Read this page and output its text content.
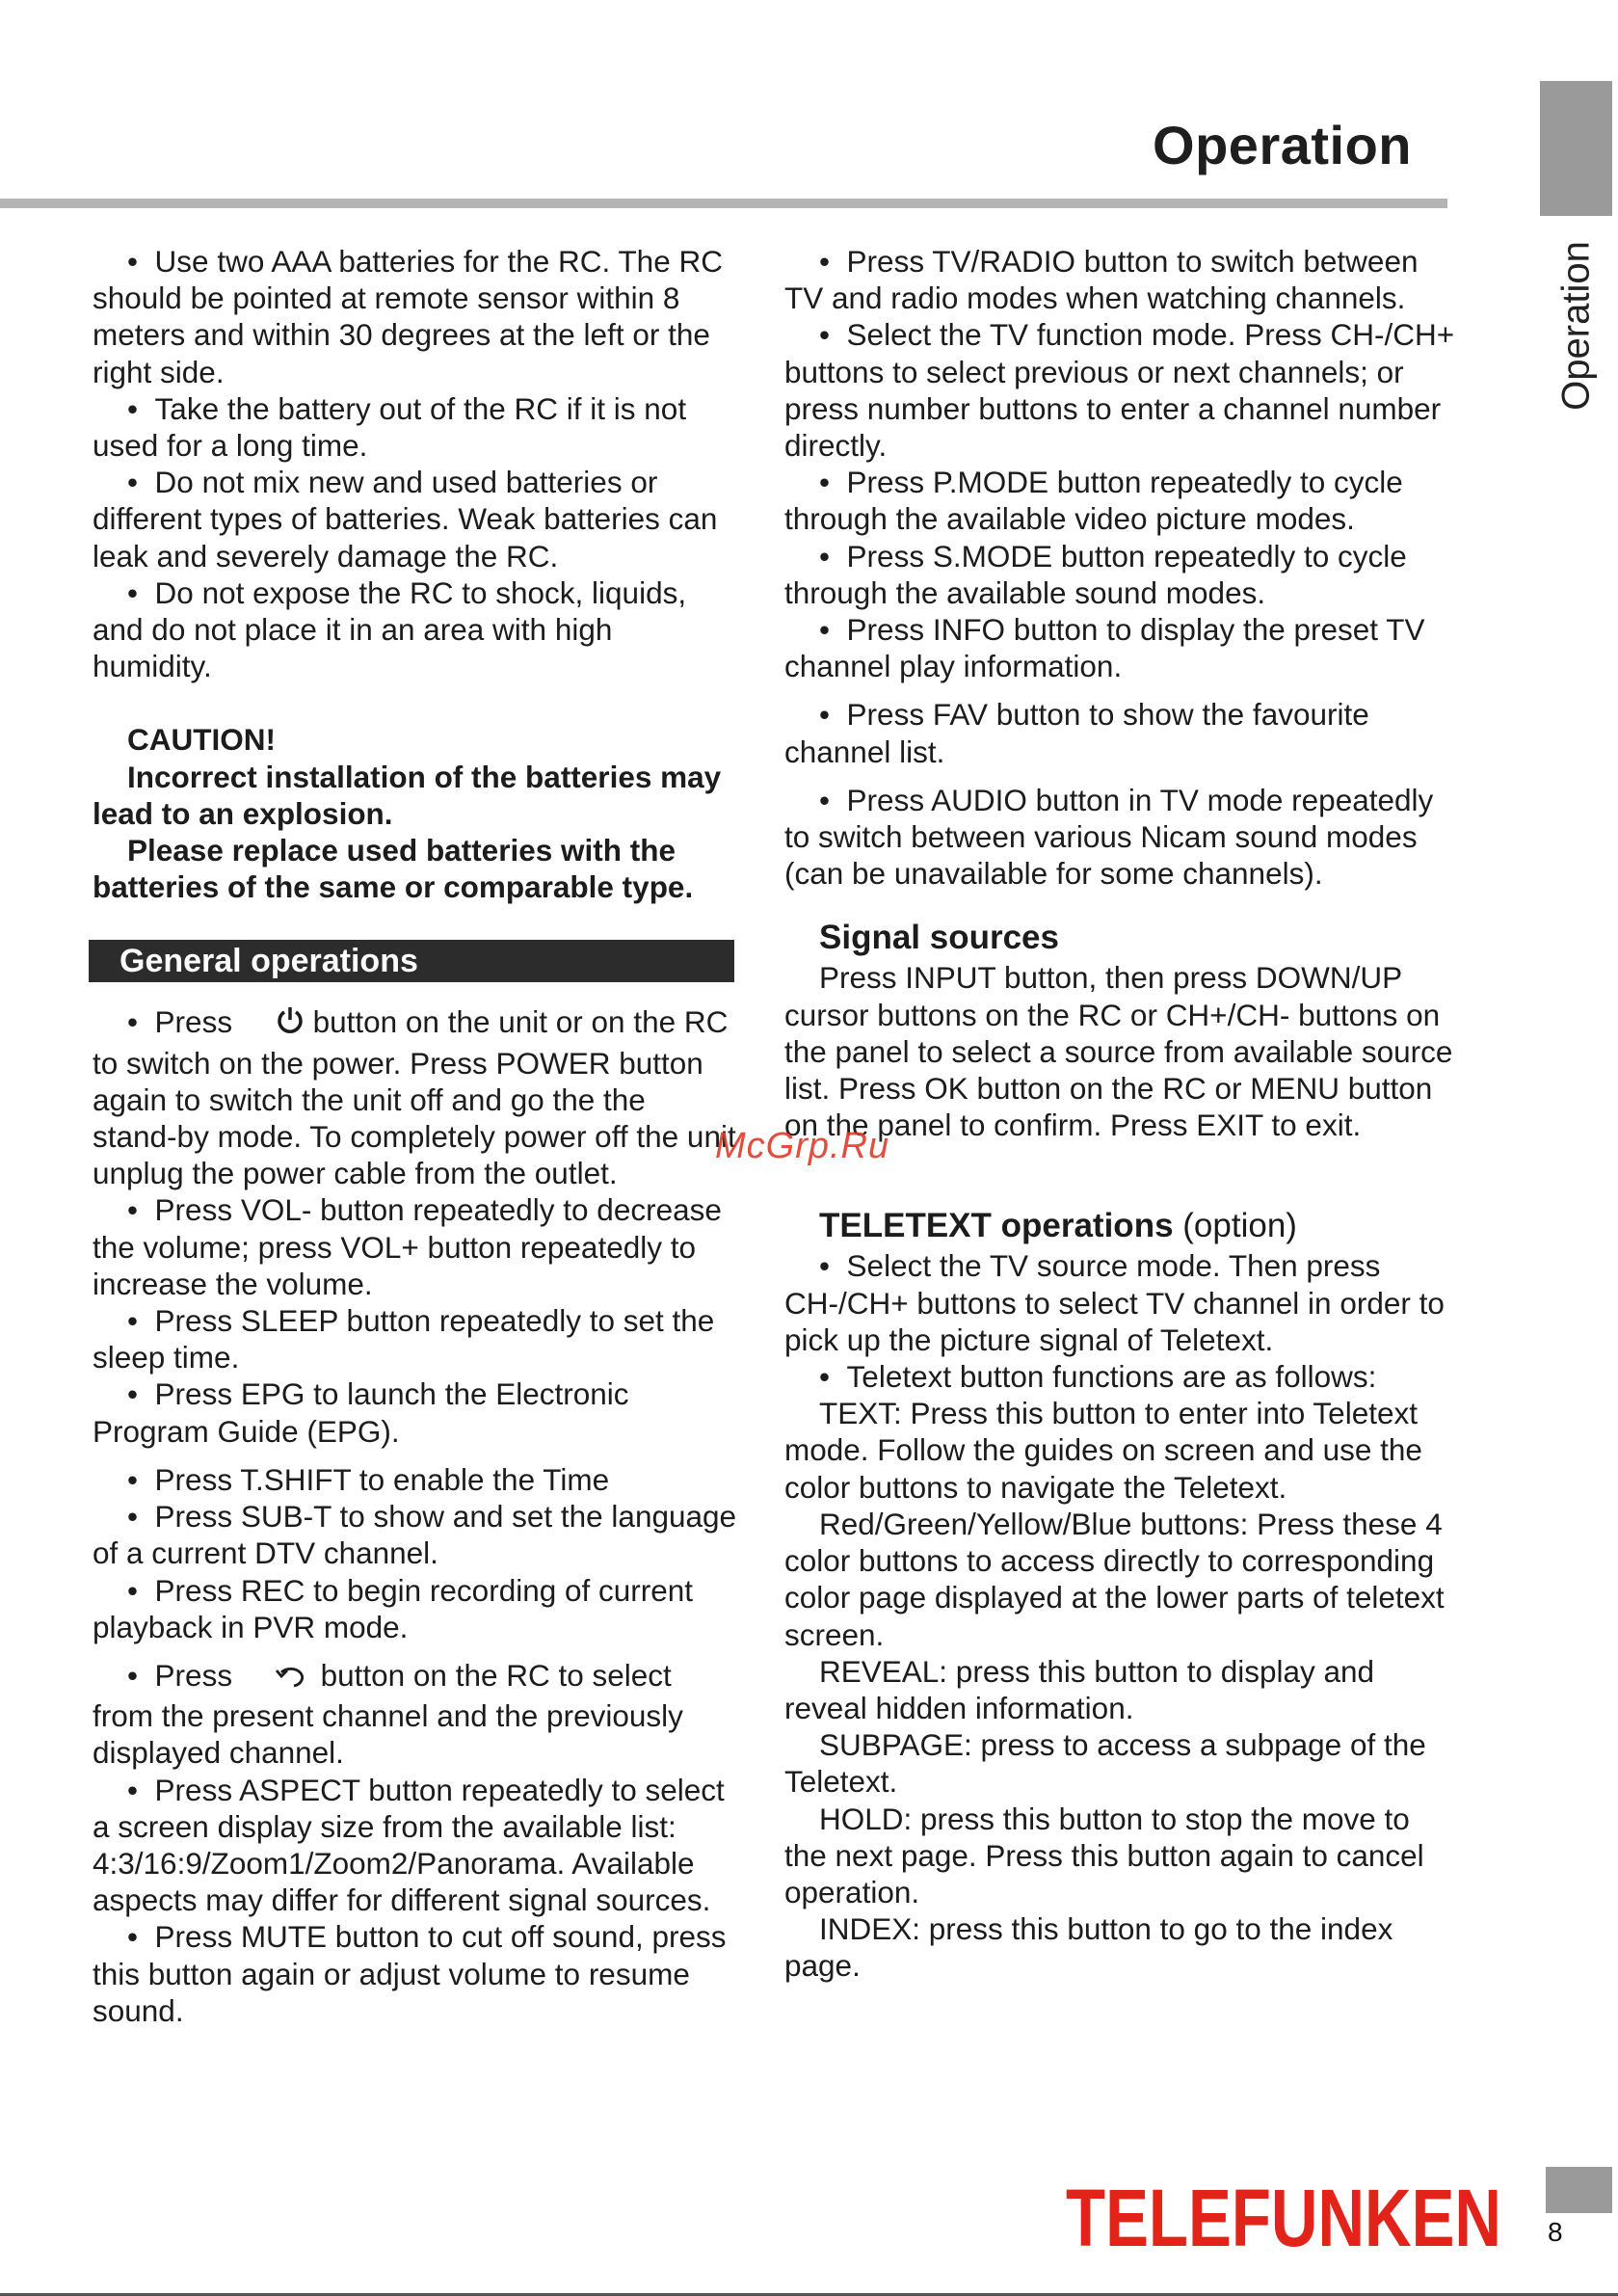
Operation
Operation

•  Use two AAA batteries for the RC. The RC should be pointed at remote sensor within 8 meters and within 30 degrees at the left or the right side.

•  Take the battery out of the RC if it is not used for a long time.

•  Do not mix new and used batteries or different types of batteries. Weak batteries can leak and severely damage the RC.

•  Do not expose the RC to shock, liquids, and do not place it in an area with high humidity.

CAUTION!

Incorrect installation of the batteries may lead to an explosion.

Please replace used batteries with the batteries of the same or comparable type.

General operations

•  Press  button on the unit or on the RC to switch on the power. Press POWER button again to switch the unit off and go the the stand-by mode. To completely power off the unit unplug the power cable from the outlet.

•  Press VOL- button repeatedly to decrease the volume; press VOL+ button repeatedly to increase the volume.

•  Press SLEEP button repeatedly to set the sleep time.

•  Press EPG to launch the Electronic Program Guide (EPG).

•  Press T.SHIFT to enable the Time

•  Press SUB-T to show and set the language of a current DTV channel.

•  Press REC to begin recording of current playback in PVR mode.

•  Press  button on the RC to select from the present channel and the previously displayed channel.

•  Press ASPECT button repeatedly to select a screen display size from the available list: 4:3/16:9/Zoom1/Zoom2/Panorama. Available aspects may differ for different signal sources.

•  Press MUTE button to cut off sound, press this button again or adjust volume to resume sound.

•  Press TV/RADIO button to switch between TV and radio modes when watching channels.

•  Select the TV function mode. Press CH-/CH+ buttons to select previous or next channels; or press number buttons to enter a channel number directly.

•  Press P.MODE button repeatedly to cycle through the available video picture modes.

•  Press S.MODE button repeatedly to cycle through the available sound modes.

•  Press INFO button to display the preset TV channel play information.

•  Press FAV button to show the favourite channel list.

•  Press AUDIO button in TV mode repeatedly to switch between various Nicam sound modes (can be unavailable for some channels).

Signal sources

Press INPUT button, then press DOWN/UP cursor buttons on the RC or CH+/CH- buttons on the panel to select a source from available source list. Press OK button on the RC or MENU button on the panel to confirm. Press EXIT to exit.

TELETEXT operations (option)

•  Select the TV source mode. Then press CH-/CH+ buttons to select TV channel in order to pick up the picture signal of Teletext.

•  Teletext button functions are as follows:

TEXT: Press this button to enter into Teletext mode. Follow the guides on screen and use the color buttons to navigate the Teletext.

Red/Green/Yellow/Blue buttons: Press these 4 color buttons to access directly to corresponding color page displayed at the lower parts of teletext screen.

REVEAL: press this button to display and reveal hidden information.

SUBPAGE: press to access a subpage of the Teletext.

HOLD: press this button to stop the move to the next page. Press this button again to cancel operation.

INDEX: press this button to go to the index page.

McGrp.Ru
TELEFUNKEN 8
